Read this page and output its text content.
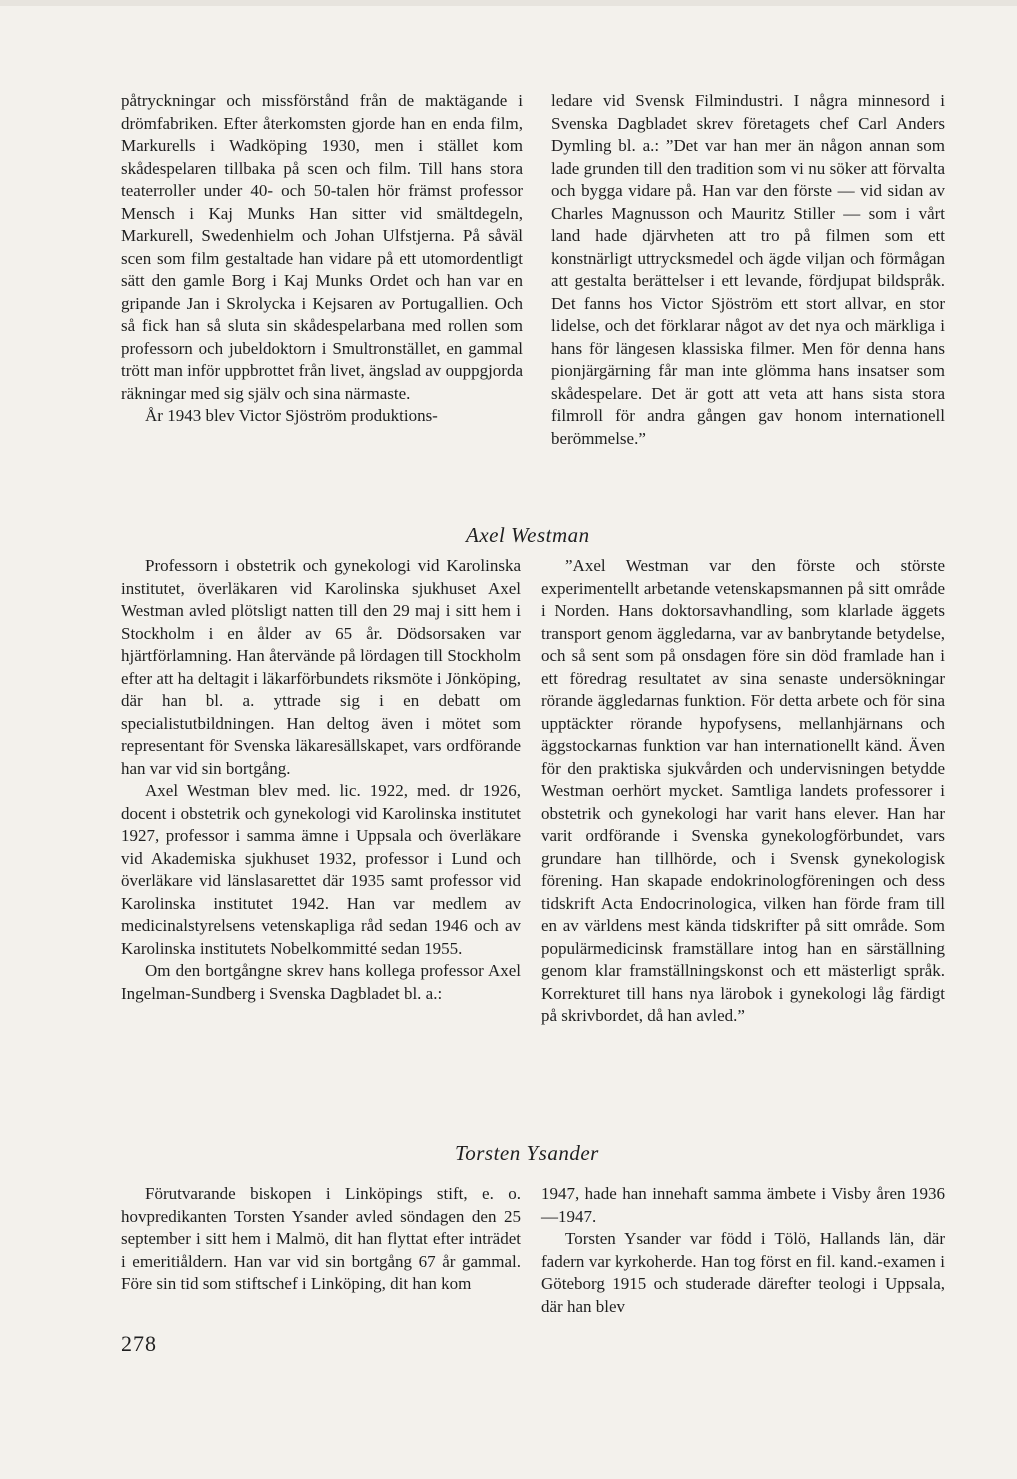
påtryckningar och missförstånd från de maktägande i drömfabriken. Efter återkomsten gjorde han en enda film, Markurells i Wadköping 1930, men i stället kom skådespelaren tillbaka på scen och film. Till hans stora teaterroller under 40- och 50-talen hör främst professor Mensch i Kaj Munks Han sitter vid smältdegeln, Markurell, Swedenhielm och Johan Ulfstjerna. På såväl scen som film gestaltade han vidare på ett utomordentligt sätt den gamle Borg i Kaj Munks Ordet och han var en gripande Jan i Skrolycka i Kejsaren av Portugallien. Och så fick han så sluta sin skådespelarbana med rollen som professorn och jubeldoktorn i Smultronstället, en gammal trött man inför uppbrottet från livet, ängslad av ouppgjorda räkningar med sig själv och sina närmaste.

År 1943 blev Victor Sjöström produktions-

ledare vid Svensk Filmindustri. I några minnesord i Svenska Dagbladet skrev företagets chef Carl Anders Dymling bl. a.: ”Det var han mer än någon annan som lade grunden till den tradition som vi nu söker att förvalta och bygga vidare på. Han var den förste — vid sidan av Charles Magnusson och Mauritz Stiller — som i vårt land hade djärvheten att tro på filmen som ett konstnärligt uttrycksmedel och ägde viljan och förmågan att gestalta berättelser i ett levande, fördjupat bildspråk. Det fanns hos Victor Sjöström ett stort allvar, en stor lidelse, och det förklarar något av det nya och märkliga i hans för längesen klassiska filmer. Men för denna hans pionjärgärning får man inte glömma hans insatser som skådespelare. Det är gott att veta att hans sista stora filmroll för andra gången gav honom internationell berömmelse.”

Axel Westman

Professorn i obstetrik och gynekologi vid Karolinska institutet, överläkaren vid Karolinska sjukhuset Axel Westman avled plötsligt natten till den 29 maj i sitt hem i Stockholm i en ålder av 65 år. Dödsorsaken var hjärtförlamning. Han återvände på lördagen till Stockholm efter att ha deltagit i läkarförbundets riksmöte i Jönköping, där han bl. a. yttrade sig i en debatt om specialistutbildningen. Han deltog även i mötet som representant för Svenska läkaresällskapet, vars ordförande han var vid sin bortgång.

Axel Westman blev med. lic. 1922, med. dr 1926, docent i obstetrik och gynekologi vid Karolinska institutet 1927, professor i samma ämne i Uppsala och överläkare vid Akademiska sjukhuset 1932, professor i Lund och överläkare vid länslasarettet där 1935 samt professor vid Karolinska institutet 1942. Han var medlem av medicinalstyrelsens vetenskapliga råd sedan 1946 och av Karolinska institutets Nobelkommitté sedan 1955.

Om den bortgångne skrev hans kollega professor Axel Ingelman-Sundberg i Svenska Dagbladet bl. a.:

”Axel Westman var den förste och störste experimentellt arbetande vetenskapsmannen på sitt område i Norden. Hans doktorsavhandling, som klarlade äggets transport genom äggledarna, var av banbrytande betydelse, och så sent som på onsdagen före sin död framlade han i ett föredrag resultatet av sina senaste undersökningar rörande äggledarnas funktion. För detta arbete och för sina upptäckter rörande hypofysens, mellanhjärnans och äggstockarnas funktion var han internationellt känd. Även för den praktiska sjukvården och undervisningen betydde Westman oerhört mycket. Samtliga landets professorer i obstetrik och gynekologi har varit hans elever. Han har varit ordförande i Svenska gynekologförbundet, vars grundare han tillhörde, och i Svensk gynekologisk förening. Han skapade endokrinologföreningen och dess tidskrift Acta Endocrinologica, vilken han förde fram till en av världens mest kända tidskrifter på sitt område. Som populärmedicinsk framställare intog han en särställning genom klar framställningskonst och ett mästerligt språk. Korrekturet till hans nya lärobok i gynekologi låg färdigt på skrivbordet, då han avled.”

Torsten Ysander

Förutvarande biskopen i Linköpings stift, e. o. hovpredikanten Torsten Ysander avled söndagen den 25 september i sitt hem i Malmö, dit han flyttat efter inträdet i emeritiåldern. Han var vid sin bortgång 67 år gammal. Före sin tid som stiftschef i Linköping, dit han kom

1947, hade han innehaft samma ämbete i Visby åren 1936—1947.

Torsten Ysander var född i Tölö, Hallands län, där fadern var kyrkoherde. Han tog först en fil. kand.-examen i Göteborg 1915 och studerade därefter teologi i Uppsala, där han blev

278
